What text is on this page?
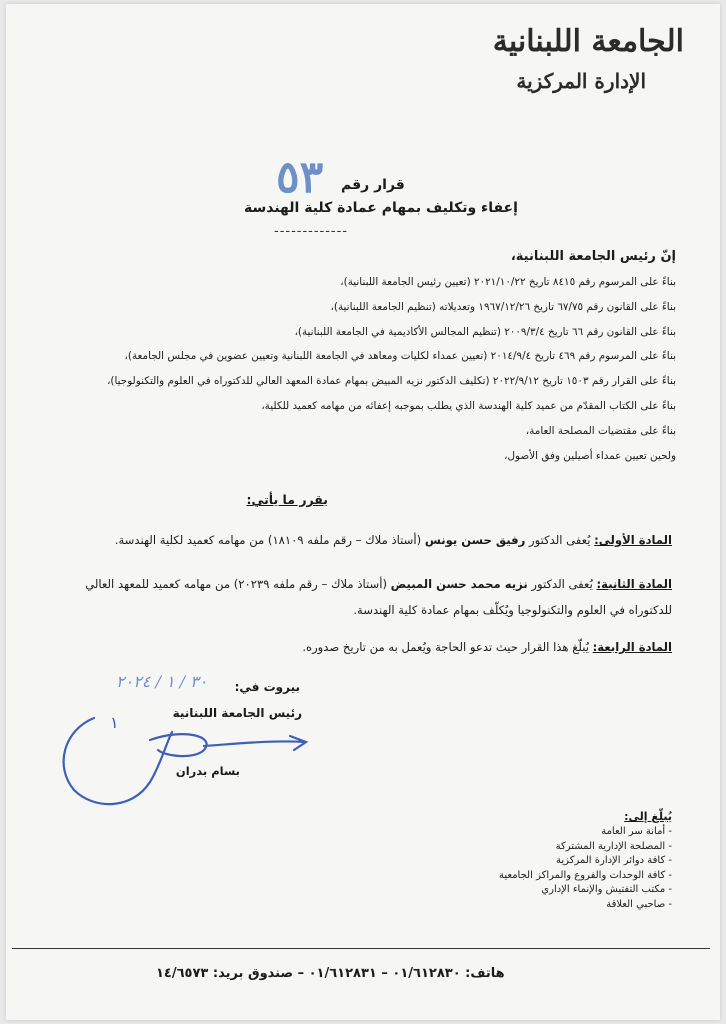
الجامعة اللبنانية
الإدارة المركزية
٥٣ قرار رقم
إعفاء وتكليف بمهام عمادة كلية الهندسة
-------------
إنّ رئيس الجامعة اللبنانية،
بناءً على المرسوم رقم ٨٤١٥ تاريخ ٢٠٢١/١٠/٢٢ (تعيين رئيس الجامعة اللبنانية)،
بناءً على القانون رقم ٦٧/٧٥ تاريخ ١٩٦٧/١٢/٢٦ وتعديلاته (تنظيم الجامعة اللبنانية)،
بناءً على القانون رقم ٦٦ تاريخ ٢٠٠٩/٣/٤ (تنظيم المجالس الأكاديمية في الجامعة اللبنانية)،
بناءً على المرسوم رقم ٤٦٩ تاريخ ٢٠١٤/٩/٤ (تعيين عمداء لكليات ومعاهد في الجامعة اللبنانية وتعيين عضوين في مجلس الجامعة)،
بناءً على القرار رقم ١٥٠٣ تاريخ ٢٠٢٢/٩/١٢ (تكليف الدكتور نزيه المبيض بمهام عمادة المعهد العالي للدكتوراه في العلوم والتكنولوجيا)،
بناءً على الكتاب المقدّم من عميد كلية الهندسة الذي يطلب بموجبه إعفائه من مهامه كعميد للكلية،
بناءً على مقتضيات المصلحة العامة،
ولحين تعيين عمداء أصيلين وفق الأصول،
يقرر ما يأتي:
المادة الأولى: يُعفى الدكتور رفيق حسن يونس (أستاذ ملاك – رقم ملفه ١٨١٠٩) من مهامه كعميد لكلية الهندسة.
المادة الثانية: يُعفى الدكتور نزيه محمد حسن المبيض (أستاذ ملاك – رقم ملفه ٢٠٢٣٩) من مهامه كعميد للمعهد العالي للدكتوراه في العلوم والتكنولوجيا ويُكلّف بمهام عمادة كلية الهندسة.
المادة الرابعة: يُبلّغ هذا القرار حيث تدعو الحاجة ويُعمل به من تاريخ صدوره.
بيروت في:
٣٠ / ١ / ٢٠٢٤
رئيس الجامعة اللبنانية
١
بسام بدران
يُبلّغ إلى:
- أمانة سر العامة
- المصلحة الإدارية المشتركة
- كافة دوائر الإدارة المركزية
- كافة الوحدات والفروع والمراكز الجامعية
- مكتب التفتيش والإنماء الإداري
- صاحبي العلاقة
هاتف: ٠١/٦١٢٨٣٠ – ٠١/٦١٢٨٣١ – صندوق بريد: ١٤/٦٥٧٣
